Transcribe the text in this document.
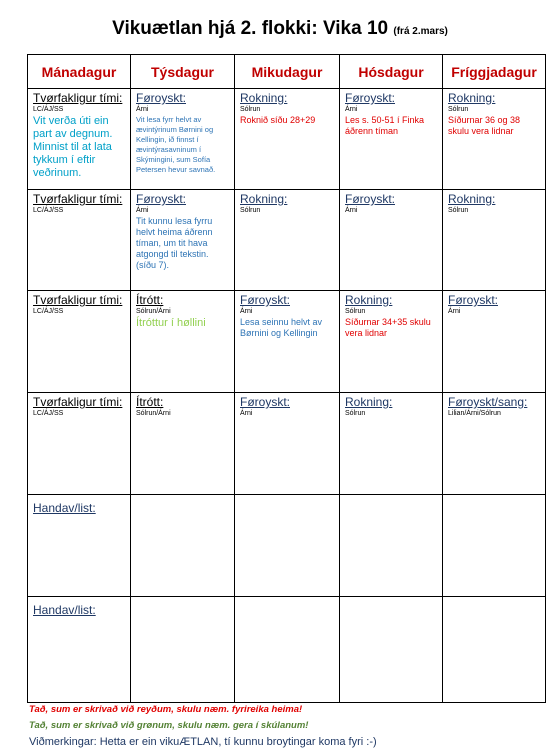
Vikuætlan hjá 2. flokki: Vika 10 (frá 2.mars)
Mánadagur	Týsdagur	Mikudagur	Hósdagur	Fríggjadagur

Tvørfakligur tími:
LC/ÁJ/SS
Vit verða úti ein part av degnum. Minnist til at lata tykkum í eftir veðrinum.	Føroyskt:
Árni
Vit lesa fyrr helvt av ævintýrinum Børnini og Kellingin, ið finnst í ævintýrasavninum í Skýmingini, sum Sofía Petersen hevur savnað.	Rokning:
Sólrun
Roknið síðu 28+29	Føroyskt:
Árni
Les s. 50-51 í Finka áðrenn tíman	Rokning:
Sólrun
Síðurnar 36 og 38 skulu vera lidnar

Tvørfakligur tími:
LC/ÁJ/SS	Føroyskt:
Árni
Tit kunnu lesa fyrru helvt heima áðrenn tíman, um tit hava atgongd til tekstin. (síðu 7).	Rokning:
Sólrun	Føroyskt:
Árni	Rokning:
Sólrun

Tvørfakligur tími:
LC/ÁJ/SS	Ítrótt:
Sólrun/Árni
Ítróttur í høllini	Føroyskt:
Árni
Lesa seinnu helvt av Børnini og Kellingin	Rokning:
Sólrun
Síðurnar 34+35 skulu vera lidnar	Føroyskt:
Árni

Tvørfakligur tími:
LC/ÁJ/SS	Ítrótt:
Sólrun/Árni	Føroyskt:
Árni	Rokning:
Sólrun	Føroyskt/sang:
Lilian/Árni/Sólrun

Handav/list:				

Handav/list:				

Tað, sum er skrivað við reyðum, skulu næm. fyrireika heima!
Tað, sum er skrivað við grønum, skulu næm. gera í skúlanum!
Viðmerkingar: Hetta er ein vikuÆTLAN, tí kunnu broytingar koma fyri :-)
